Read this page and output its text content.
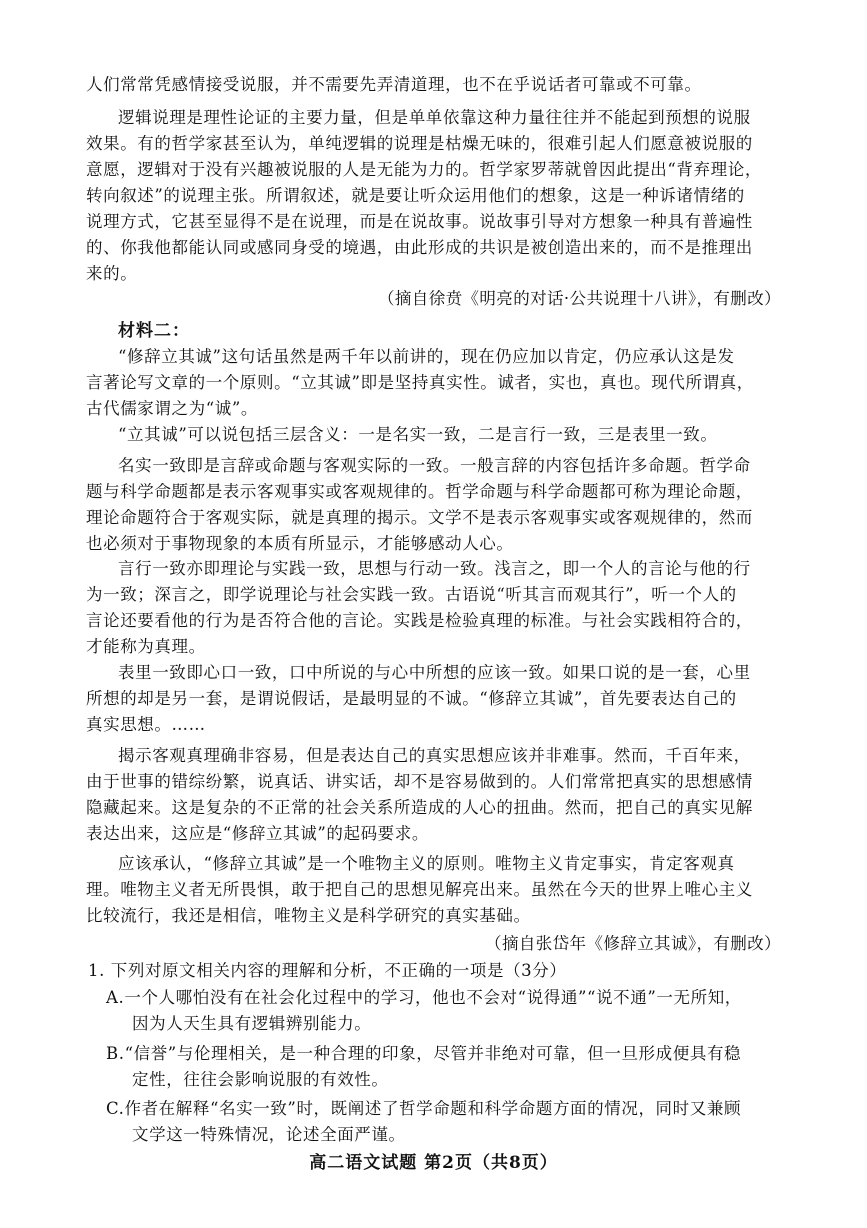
人们常常凭感情接受说服，并不需要先弄清道理，也不在乎说话者可靠或不可靠。
逻辑说理是理性论证的主要力量，但是单单依靠这种力量往往并不能起到预想的说服
效果。有的哲学家甚至认为，单纯逻辑的说理是枯燥无味的，很难引起人们愿意被说服的
意愿，逻辑对于没有兴趣被说服的人是无能为力的。哲学家罗蒂就曾因此提出“背弃理论，
转向叙述”的说理主张。所谓叙述，就是要让听众运用他们的想象，这是一种诉诸情绪的
说理方式，它甚至显得不是在说理，而是在说故事。说故事引导对方想象一种具有普遍性
的、你我他都能认同或感同身受的境遇，由此形成的共识是被创造出来的，而不是推理出
来的。
（摘自徐贲《明亮的对话·公共说理十八讲》，有删改）
材料二：
“修辞立其诚”这句话虽然是两千年以前讲的，现在仍应加以肯定，仍应承认这是发
言著论写文章的一个原则。“立其诚”即是坚持真实性。诚者，实也，真也。现代所谓真，
古代儒家谓之为“诚”。
“立其诚”可以说包括三层含义：一是名实一致，二是言行一致，三是表里一致。
名实一致即是言辞或命题与客观实际的一致。一般言辞的内容包括许多命题。哲学命
题与科学命题都是表示客观事实或客观规律的。哲学命题与科学命题都可称为理论命题，
理论命题符合于客观实际，就是真理的揭示。文学不是表示客观事实或客观规律的，然而
也必须对于事物现象的本质有所显示，才能够感动人心。
言行一致亦即理论与实践一致，思想与行动一致。浅言之，即一个人的言论与他的行
为一致；深言之，即学说理论与社会实践一致。古语说“听其言而观其行”，听一个人的
言论还要看他的行为是否符合他的言论。实践是检验真理的标准。与社会实践相符合的，
才能称为真理。
表里一致即心口一致，口中所说的与心中所想的应该一致。如果口说的是一套，心里
所想的却是另一套，是谓说假话，是最明显的不诚。“修辞立其诚”，首先要表达自己的
真实思想。……
揭示客观真理确非容易，但是表达自己的真实思想应该并非难事。然而，千百年来，
由于世事的错综纷繁，说真话、讲实话，却不是容易做到的。人们常常把真实的思想感情
隐藏起来。这是复杂的不正常的社会关系所造成的人心的扭曲。然而，把自己的真实见解
表达出来，这应是“修辞立其诚”的起码要求。
应该承认，“修辞立其诚”是一个唯物主义的原则。唯物主义肯定事实，肯定客观真
理。唯物主义者无所畏惧，敢于把自己的思想见解亮出来。虽然在今天的世界上唯心主义
比较流行，我还是相信，唯物主义是科学研究的真实基础。
（摘自张岱年《修辞立其诚》，有删改）
1. 下列对原文相关内容的理解和分析，不正确的一项是（3分）
A.一个人哪怕没有在社会化过程中的学习，他也不会对“说得通”“说不通”一无所知，
因为人天生具有逻辑辨别能力。
B.“信誉”与伦理相关，是一种合理的印象，尽管并非绝对可靠，但一旦形成便具有稳
定性，往往会影响说服的有效性。
C.作者在解释“名实一致”时，既阐述了哲学命题和科学命题方面的情况，同时又兼顾
文学这一特殊情况，论述全面严谨。
高二语文试题 第2页（共8页）
